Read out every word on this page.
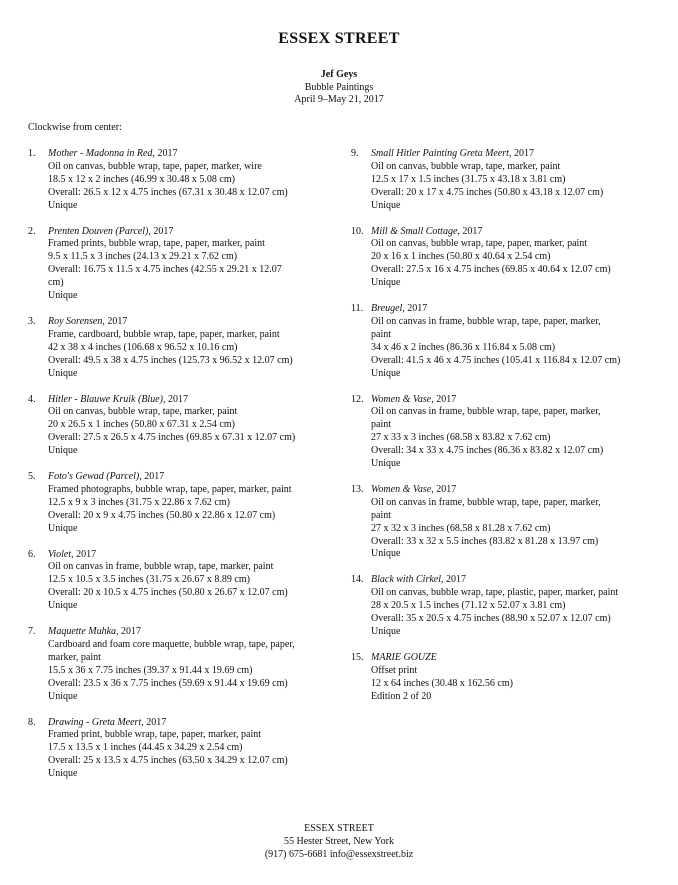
ESSEX STREET
Jef Geys
Bubble Paintings
April 9–May 21, 2017
Clockwise from center:
1. Mother - Madonna in Red, 2017
Oil on canvas, bubble wrap, tape, paper, marker, wire
18.5 x 12 x 2 inches (46.99 x 30.48 x 5.08 cm)
Overall: 26.5 x 12 x 4.75 inches (67.31 x 30.48 x 12.07 cm)
Unique
2. Prenten Douven (Parcel), 2017
Framed prints, bubble wrap, tape, paper, marker, paint
9.5 x 11.5 x 3 inches (24.13 x 29.21 x 7.62 cm)
Overall: 16.75 x 11.5 x 4.75 inches (42.55 x 29.21 x 12.07
cm)
Unique
3. Roy Sorensen, 2017
Frame, cardboard, bubble wrap, tape, paper, marker, paint
42 x 38 x 4 inches (106.68 x 96.52 x 10.16 cm)
Overall: 49.5 x 38 x 4.75 inches (125.73 x 96.52 x 12.07 cm)
Unique
4. Hitler - Blauwe Kruik (Blue), 2017
Oil on canvas, bubble wrap, tape, marker, paint
20 x 26.5 x 1 inches (50.80 x 67.31 x 2.54 cm)
Overall: 27.5 x 26.5 x 4.75 inches (69.85 x 67.31 x 12.07 cm)
Unique
5. Foto's Gewad (Parcel), 2017
Framed photographs, bubble wrap, tape, paper, marker, paint
12.5 x 9 x 3 inches (31.75 x 22.86 x 7.62 cm)
Overall: 20 x 9 x 4.75 inches (50.80 x 22.86 x 12.07 cm)
Unique
6. Violet, 2017
Oil on canvas in frame, bubble wrap, tape, marker, paint
12.5 x 10.5 x 3.5 inches (31.75 x 26.67 x 8.89 cm)
Overall: 20 x 10.5 x 4.75 inches (50.80 x 26.67 x 12.07 cm)
Unique
7. Maquette Muhka, 2017
Cardboard and foam core maquette, bubble wrap, tape, paper,
marker, paint
15.5 x 36 x 7.75 inches (39.37 x 91.44 x 19.69 cm)
Overall: 23.5 x 36 x 7.75 inches (59.69 x 91.44 x 19.69 cm)
Unique
8. Drawing - Greta Meert, 2017
Framed print, bubble wrap, tape, paper, marker, paint
17.5 x 13.5 x 1 inches (44.45 x 34.29 x 2.54 cm)
Overall: 25 x 13.5 x 4.75 inches (63.50 x 34.29 x 12.07 cm)
Unique
9. Small Hitler Painting Greta Meert, 2017
Oil on canvas, bubble wrap, tape, marker, paint
12.5 x 17 x 1.5 inches (31.75 x 43.18 x 3.81 cm)
Overall: 20 x 17 x 4.75 inches (50.80 x 43.18 x 12.07 cm)
Unique
10. Mill & Small Cottage, 2017
Oil on canvas, bubble wrap, tape, paper, marker, paint
20 x 16 x 1 inches (50.80 x 40.64 x 2.54 cm)
Overall: 27.5 x 16 x 4.75 inches (69.85 x 40.64 x 12.07 cm)
Unique
11. Breugel, 2017
Oil on canvas in frame, bubble wrap, tape, paper, marker,
paint
34 x 46 x 2 inches (86.36 x 116.84 x 5.08 cm)
Overall: 41.5 x 46 x 4.75 inches (105.41 x 116.84 x 12.07 cm)
Unique
12. Women & Vase, 2017
Oil on canvas in frame, bubble wrap, tape, paper, marker,
paint
27 x 33 x 3 inches (68.58 x 83.82 x 7.62 cm)
Overall: 34 x 33 x 4.75 inches (86.36 x 83.82 x 12.07 cm)
Unique
13. Women & Vase, 2017
Oil on canvas in frame, bubble wrap, tape, paper, marker,
paint
27 x 32 x 3 inches (68.58 x 81.28 x 7.62 cm)
Overall: 33 x 32 x 5.5 inches (83.82 x 81.28 x 13.97 cm)
Unique
14. Black with Cirkel, 2017
Oil on canvas, bubble wrap, tape, plastic, paper, marker, paint
28 x 20.5 x 1.5 inches (71.12 x 52.07 x 3.81 cm)
Overall: 35 x 20.5 x 4.75 inches (88.90 x 52.07 x 12.07 cm)
Unique
15. MARIE GOUZE
Offset print
12 x 64 inches (30.48 x 162.56 cm)
Edition 2 of 20
ESSEX STREET
55 Hester Street, New York
(917) 675-6681 info@essexstreet.biz
